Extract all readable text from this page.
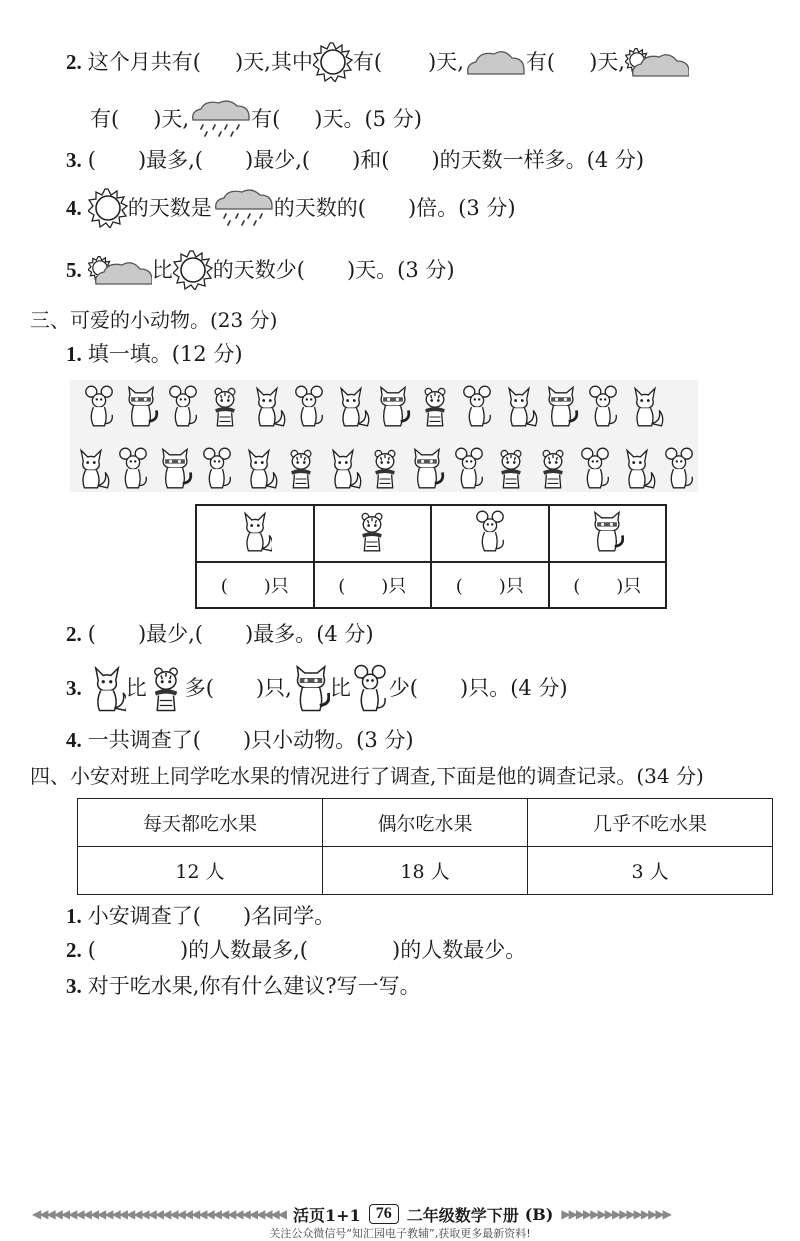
2. 这个月共有( )天,其中 有( )天,	有( )天,
有( )天,	有( )天。(5 分)
3. (　　)最多,(　　)最少,(　　)和(　　)的天数一样多。(4 分)
4. 的天数是	的天数的(　　)倍。(3 分)
5.	比 的天数少(　　)天。(3 分)
三、可爱的小动物。(23 分)
1. 填一填。(12 分)

(　　)只	(　　)只	(　　)只	(　　)只
2. (　　)最少,(　　)最多。(4 分)
3. 比 多(　　)只, 比 少(　　)只。(4 分)
4. 一共调查了(　　)只小动物。(3 分)
四、小安对班上同学吃水果的情况进行了调查,下面是他的调查记录。(34 分)
每天都吃水果	偶尔吃水果	几乎不吃水果
12 人	18 人	3 人
1. 小安调查了(　　)名同学。
2. (　　　　)的人数最多,(　　　　)的人数最少。
3. 对于吃水果,你有什么建议?写一写。
◀◀◀◀◀◀◀◀◀◀◀◀◀◀◀◀◀◀◀◀◀◀◀◀◀◀◀◀◀◀◀◀◀◀◀ 活页1+1 76 二年级数学下册 (B) ▶▶▶▶▶▶▶▶▶▶▶▶▶▶▶
关注公众微信号“知汇园电子教辅”,获取更多最新资料!
